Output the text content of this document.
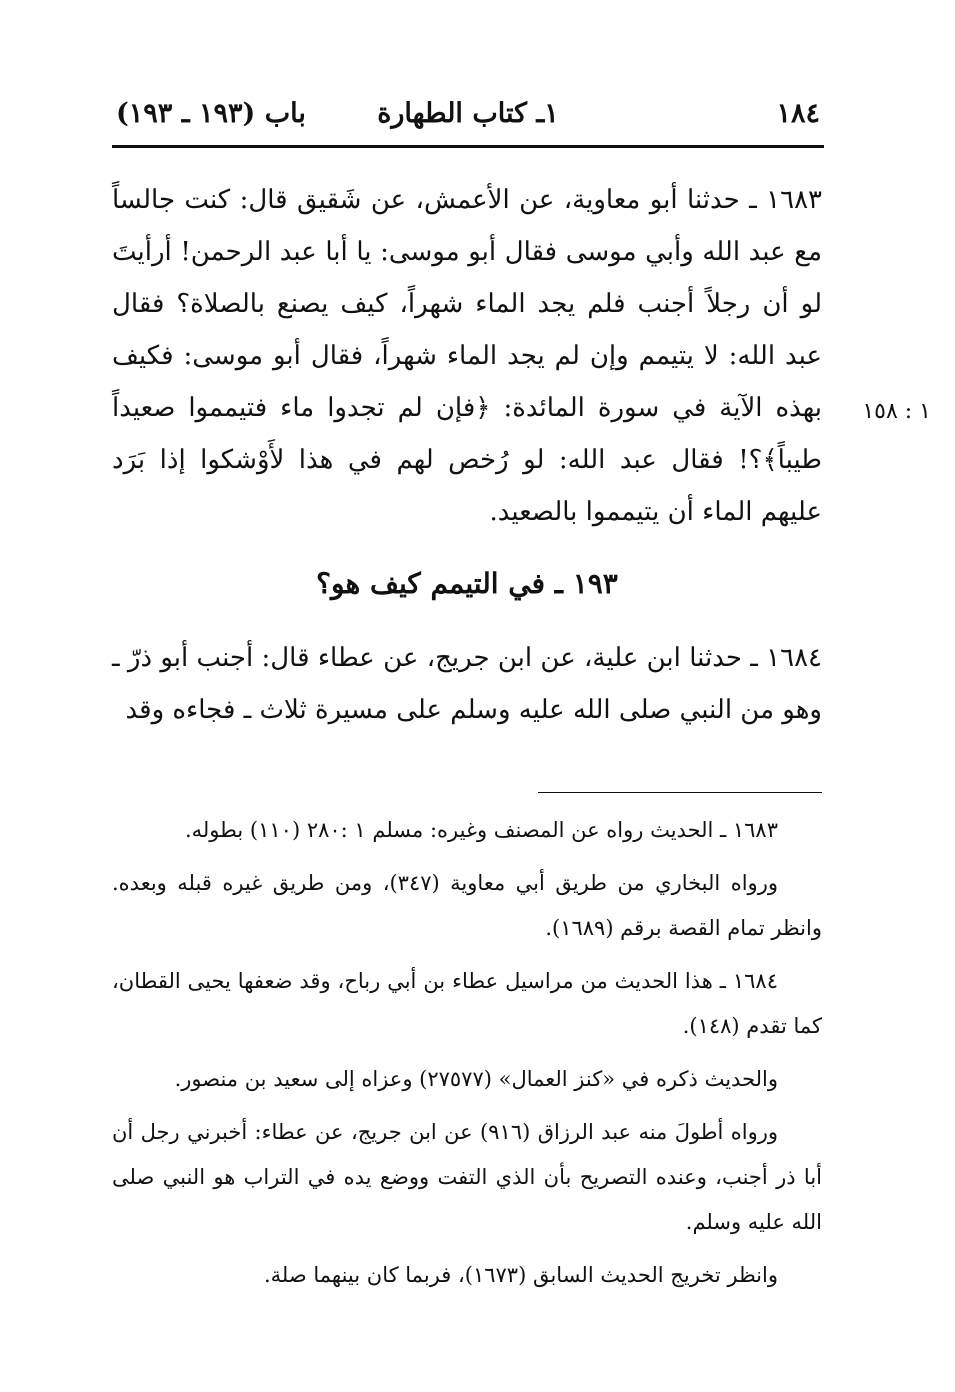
١٨٤
١ـ كتاب الطهارة
باب (١٩٣ ـ ١٩٣)
١ : ١٥٨

١٦٨٣ ـ حدثنا أبو معاوية، عن الأعمش، عن شَقيق قال: كنت جالساً مع عبد الله وأبي موسى فقال أبو موسى: يا أبا عبد الرحمن! أرأيتَ لو أن رجلاً أجنب فلم يجد الماء شهراً، كيف يصنع بالصلاة؟ فقال عبد الله: لا يتيمم وإن لم يجد الماء شهراً، فقال أبو موسى: فكيف بهذه الآية في سورة المائدة: ﴿فإن لم تجدوا ماء فتيمموا صعيداً طيباً﴾؟! فقال عبد الله: لو رُخص لهم في هذا لأَوْشكوا إذا بَرَد عليهم الماء أن يتيمموا بالصعيد.

١٩٣ ـ في التيمم كيف هو؟

١٦٨٤ ـ حدثنا ابن علية، عن ابن جريج، عن عطاء قال: أجنب أبو ذرّ ـ وهو من النبي صلى الله عليه وسلم على مسيرة ثلاث ـ فجاءه وقد

١٦٨٣ ـ الحديث رواه عن المصنف وغيره: مسلم ١ :٢٨٠ (١١٠) بطوله.

ورواه البخاري من طريق أبي معاوية (٣٤٧)، ومن طريق غيره قبله وبعده. وانظر تمام القصة برقم (١٦٨٩).

١٦٨٤ ـ هذا الحديث من مراسيل عطاء بن أبي رباح، وقد ضعفها يحيى القطان، كما تقدم (١٤٨).

والحديث ذكره في «كنز العمال» (٢٧٥٧٧) وعزاه إلى سعيد بن منصور.

ورواه أطولَ منه عبد الرزاق (٩١٦) عن ابن جريج، عن عطاء: أخبرني رجل أن أبا ذر أجنب، وعنده التصريح بأن الذي التفت ووضع يده في التراب هو النبي صلى الله عليه وسلم.

وانظر تخريج الحديث السابق (١٦٧٣)، فربما كان بينهما صلة.
